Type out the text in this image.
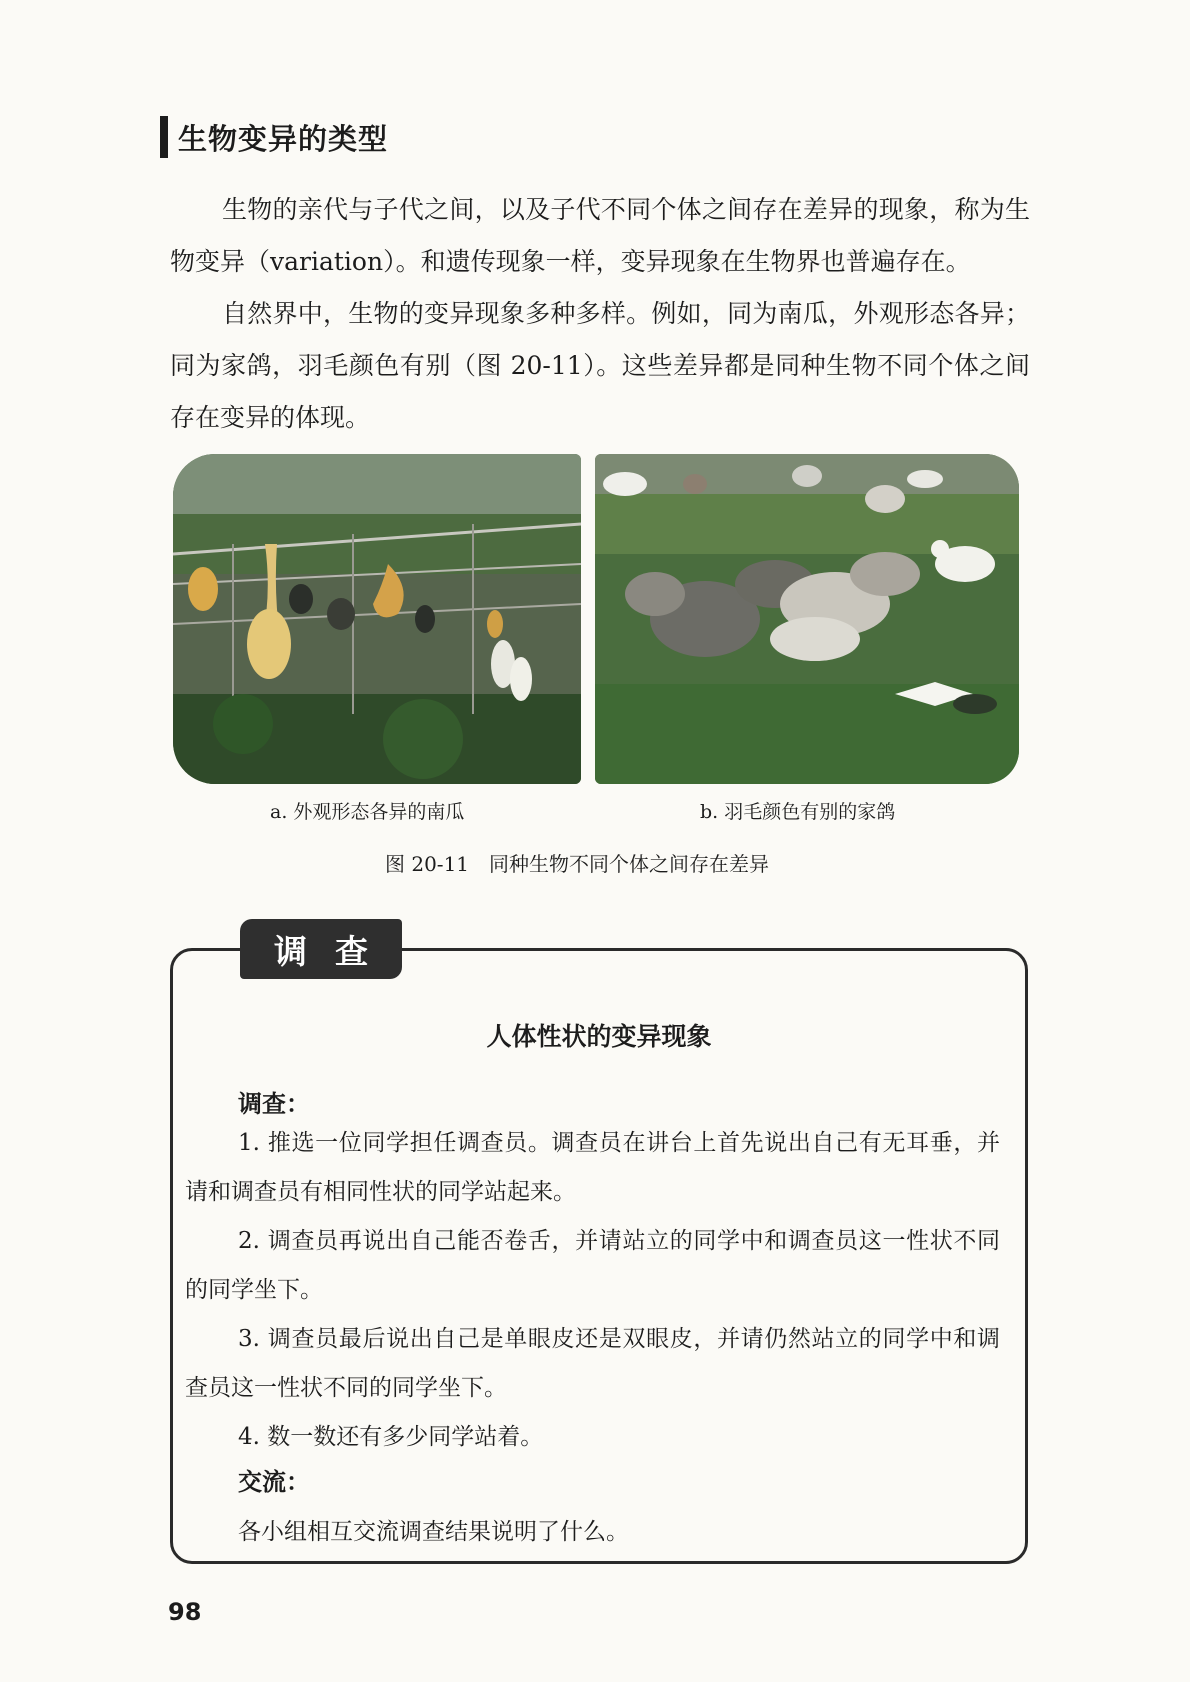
生物变异的类型

生物的亲代与子代之间，以及子代不同个体之间存在差异的现象，称为生物变异（variation）。和遗传现象一样，变异现象在生物界也普遍存在。

自然界中，生物的变异现象多种多样。例如，同为南瓜，外观形态各异；同为家鸽，羽毛颜色有别（图 20-11）。这些差异都是同种生物不同个体之间存在变异的体现。

a. 外观形态各异的南瓜	b. 羽毛颜色有别的家鸽
图 20-11　同种生物不同个体之间存在差异
调查
人体性状的变异现象
调查：

1. 推选一位同学担任调查员。调查员在讲台上首先说出自己有无耳垂，并请和调查员有相同性状的同学站起来。

2. 调查员再说出自己能否卷舌，并请站立的同学中和调查员这一性状不同的同学坐下。

3. 调查员最后说出自己是单眼皮还是双眼皮，并请仍然站立的同学中和调查员这一性状不同的同学坐下。

4. 数一数还有多少同学站着。

交流：

各小组相互交流调查结果说明了什么。

98
